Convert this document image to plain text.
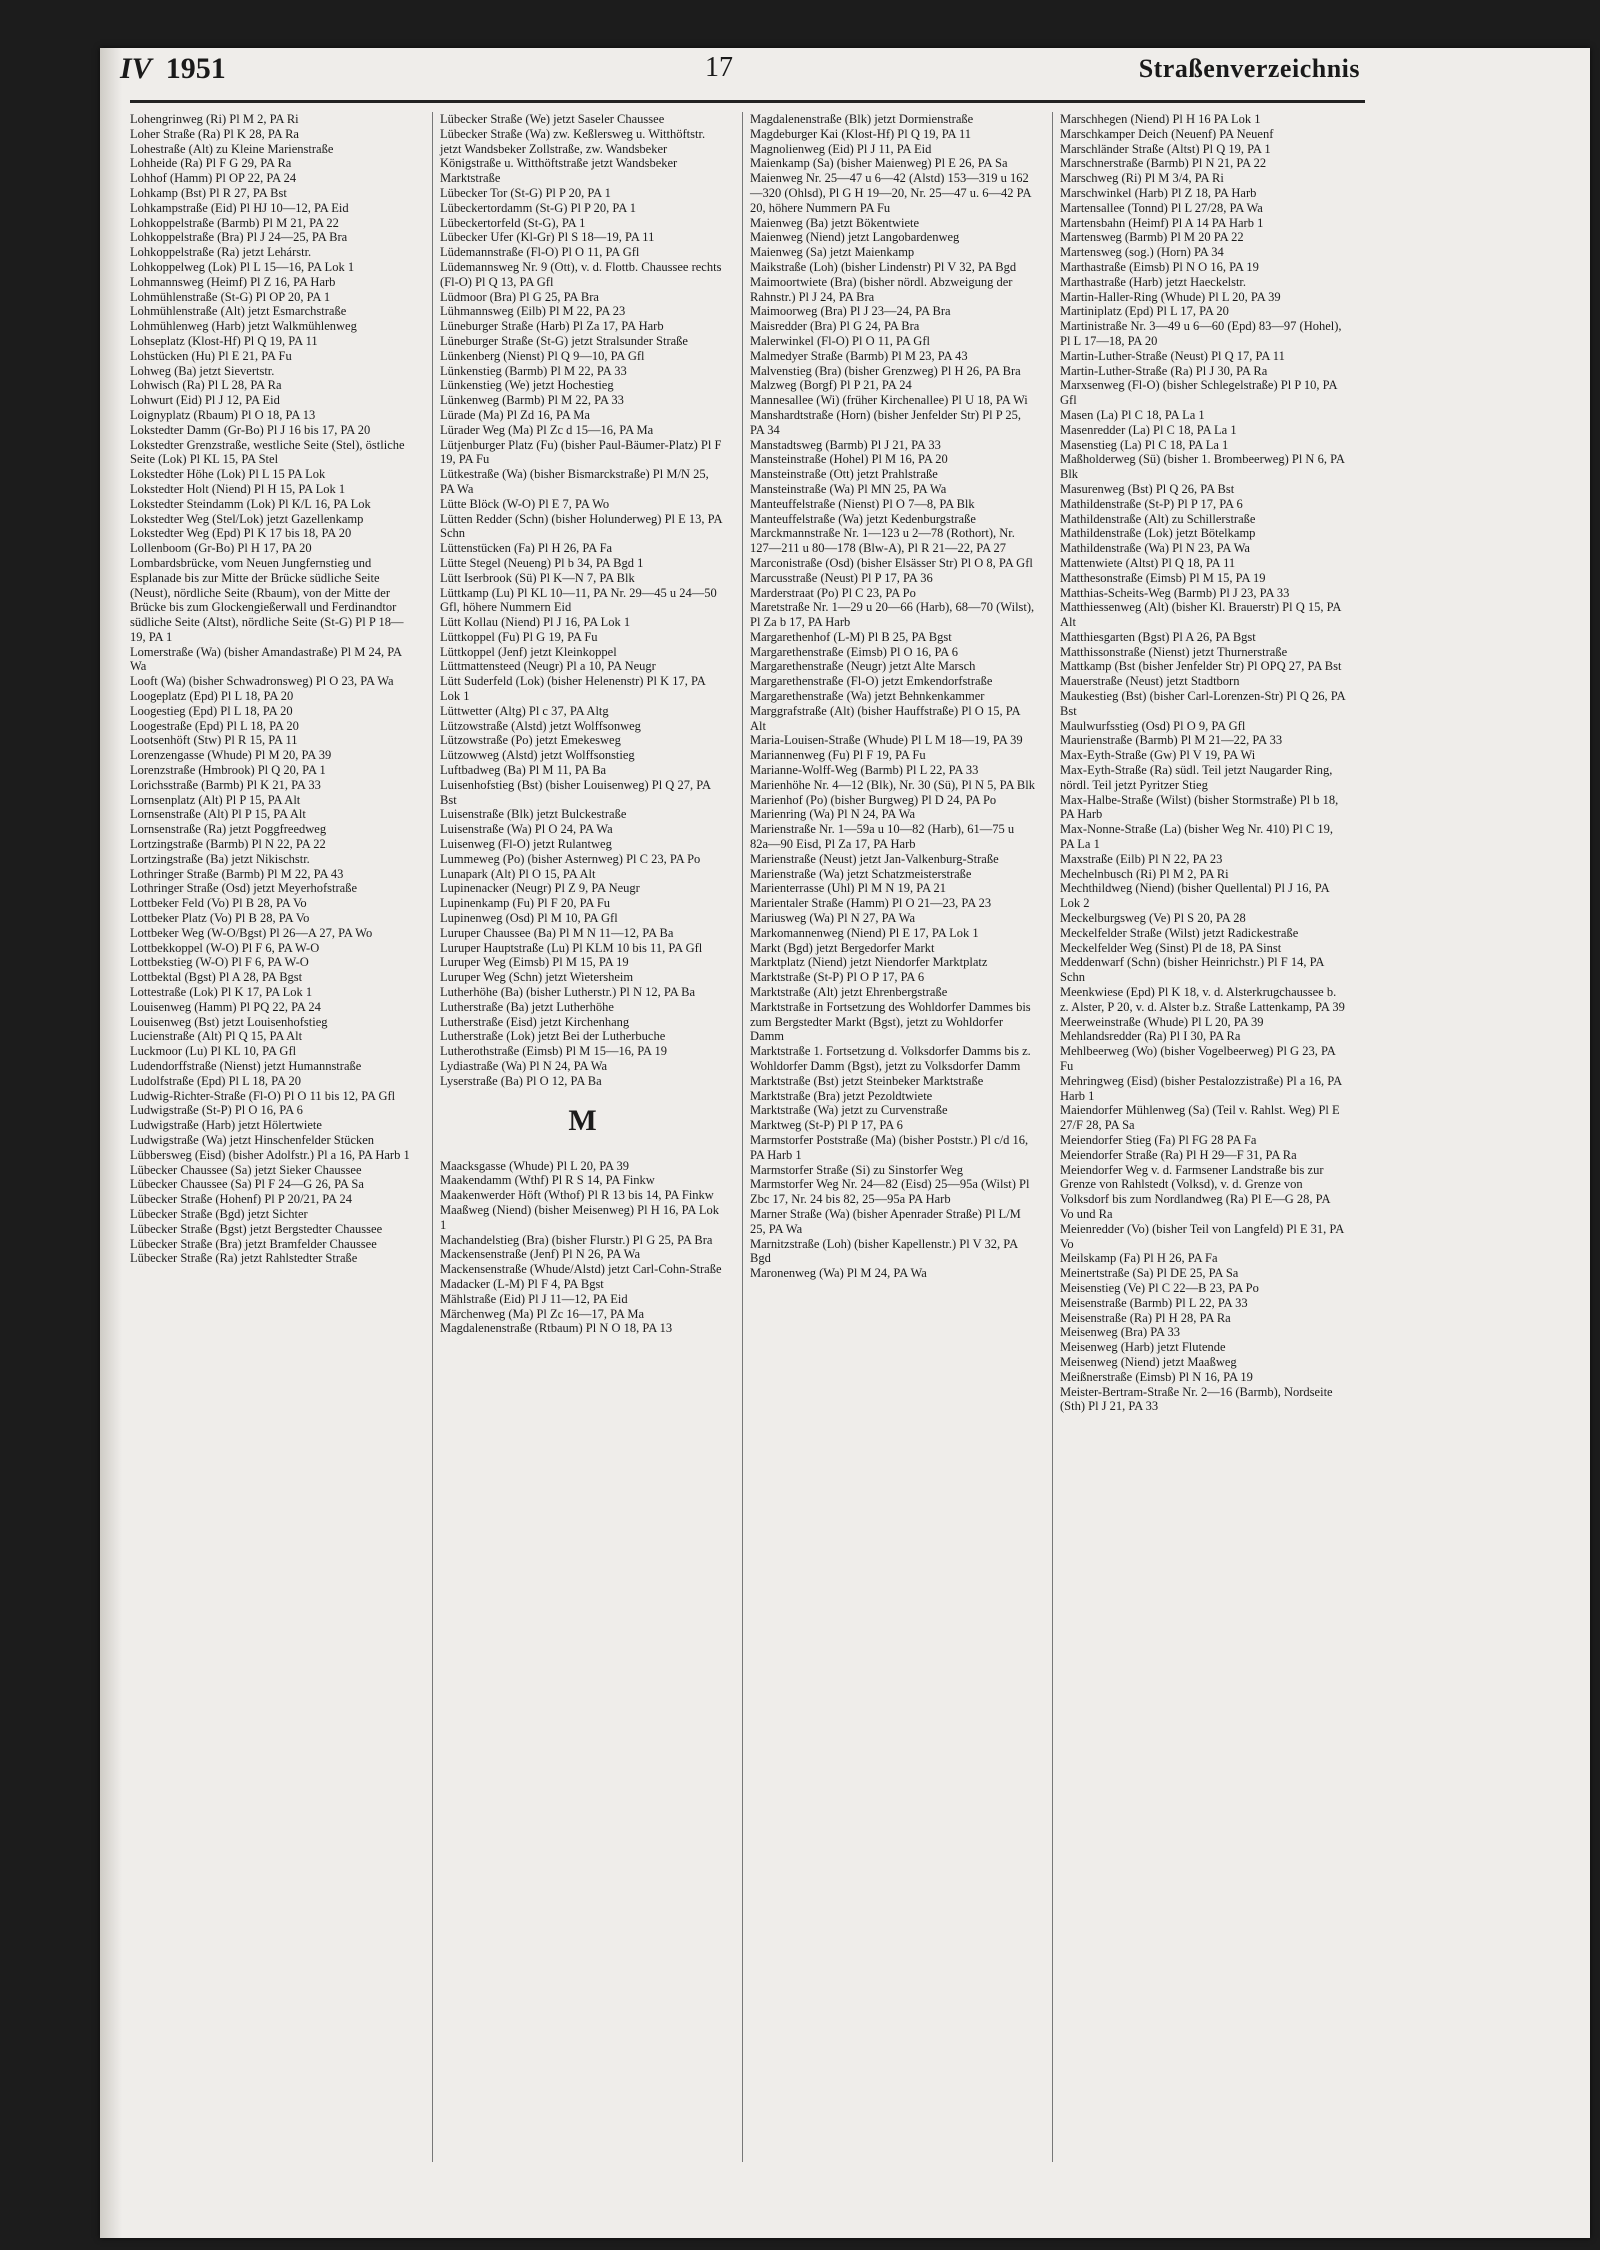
IV 1951	17	Straßenverzeichnis
Lohengrinweg (Ri) Pl M 2, PA Ri
Loher Straße (Ra) Pl K 28, PA Ra
Lohestraße (Alt) zu Kleine Marienstraße
Lohheide (Ra) Pl F G 29, PA Ra
Lohhof (Hamm) Pl OP 22, PA 24
Lohkamp (Bst) Pl R 27, PA Bst
Lohkampstraße (Eid) Pl HJ 10—12, PA Eid
Lohkoppelstraße (Barmb) Pl M 21, PA 22
Lohkoppelstraße (Bra) Pl J 24—25, PA Bra
Lohkoppelstraße (Ra) jetzt Lehárstr.
Lohkoppelweg (Lok) Pl L 15—16, PA Lok 1
Lohmannsweg (Heimf) Pl Z 16, PA Harb
Lohmühlenstraße (St-G) Pl OP 20, PA 1
Lohmühlenstraße (Alt) jetzt Esmarchstraße
Lohmühlenweg (Harb) jetzt Walkmühlenweg
Lohseplatz (Klost-Hf) Pl Q 19, PA 11
Lohstücken (Hu) Pl E 21, PA Fu
Lohweg (Ba) jetzt Sievertstr.
Lohwisch (Ra) Pl L 28, PA Ra
Lohwurt (Eid) Pl J 12, PA Eid
Loignyplatz (Rbaum) Pl O 18, PA 13
Lokstedter Damm (Gr-Bo) Pl J 16 bis 17, PA 20
Lokstedter Grenzstraße, westliche Seite (Stel), östliche Seite (Lok) Pl KL 15, PA Stel
Lokstedter Höhe (Lok) Pl L 15 PA Lok
Lokstedter Holt (Niend) Pl H 15, PA Lok 1
Lokstedter Steindamm (Lok) Pl K/L 16, PA Lok
Lokstedter Weg (Stel/Lok) jetzt Gazellenkamp
Lokstedter Weg (Epd) Pl K 17 bis 18, PA 20
Lollenboom (Gr-Bo) Pl H 17, PA 20
Lombardsbrücke, vom Neuen Jungfernstieg und Esplanade bis zur Mitte der Brücke südliche Seite (Neust), nördliche Seite (Rbaum), von der Mitte der Brücke bis zum Glockengießerwall und Ferdinandtor südliche Seite (Altst), nördliche Seite (St-G) Pl P 18—19, PA 1
Lomerstraße (Wa) (bisher Amandastraße) Pl M 24, PA Wa
Looft (Wa) (bisher Schwadronsweg) Pl O 23, PA Wa
Loogeplatz (Epd) Pl L 18, PA 20
Loogestieg (Epd) Pl L 18, PA 20
Loogestraße (Epd) Pl L 18, PA 20
Lootsenhöft (Stw) Pl R 15, PA 11
Lorenzengasse (Whude) Pl M 20, PA 39
Lorenzstraße (Hmbrook) Pl Q 20, PA 1
Lorichsstraße (Barmb) Pl K 21, PA 33
Lornsenplatz (Alt) Pl P 15, PA Alt
Lornsenstraße (Alt) Pl P 15, PA Alt
Lornsenstraße (Ra) jetzt Poggfreedweg
Lortzingstraße (Barmb) Pl N 22, PA 22
Lortzingstraße (Ba) jetzt Nikischstr.
Lothringer Straße (Barmb) Pl M 22, PA 43
Lothringer Straße (Osd) jetzt Meyerhofstraße
Lottbeker Feld (Vo) Pl B 28, PA Vo
Lottbeker Platz (Vo) Pl B 28, PA Vo
Lottbeker Weg (W-O/Bgst) Pl 26—A 27, PA Wo
Lottbekkoppel (W-O) Pl F 6, PA W-O
Lottbekstieg (W-O) Pl F 6, PA W-O
Lottbektal (Bgst) Pl A 28, PA Bgst
Lottestraße (Lok) Pl K 17, PA Lok 1
Louisenweg (Hamm) Pl PQ 22, PA 24
Louisenweg (Bst) jetzt Louisenhofstieg
Lucienstraße (Alt) Pl Q 15, PA Alt
Luckmoor (Lu) Pl KL 10, PA Gfl
Ludendorffstraße (Nienst) jetzt Humannstraße
Ludolfstraße (Epd) Pl L 18, PA 20
Ludwig-Richter-Straße (Fl-O) Pl O 11 bis 12, PA Gfl
Ludwigstraße (St-P) Pl O 16, PA 6
Ludwigstraße (Harb) jetzt Hölertwiete
Ludwigstraße (Wa) jetzt Hinschenfelder Stücken
Lübbersweg (Eisd) (bisher Adolfstr.) Pl a 16, PA Harb 1
Lübecker Chaussee (Sa) jetzt Sieker Chaussee
Lübecker Chaussee (Sa) Pl F 24—G 26, PA Sa
Lübecker Straße (Hohenf) Pl P 20/21, PA 24
Lübecker Straße (Bgd) jetzt Sichter
Lübecker Straße (Bgst) jetzt Bergstedter Chaussee
Lübecker Straße (Bra) jetzt Bramfelder Chaussee
Lübecker Straße (Ra) jetzt Rahlstedter Straße
Lübecker Straße (We) jetzt Saseler Chaussee
Lübecker Straße (Wa) zw. Keßlersweg u. Witthöftstr. jetzt Wandsbeker Zollstraße, zw. Wandsbeker Königstraße u. Witthöftstraße jetzt Wandsbeker Marktstraße
Lübecker Tor (St-G) Pl P 20, PA 1
Lübeckertordamm (St-G) Pl P 20, PA 1
Lübeckertorfeld (St-G), PA 1
Lübecker Ufer (Kl-Gr) Pl S 18—19, PA 11
Lüdemannstraße (Fl-O) Pl O 11, PA Gfl
Lüdemannsweg Nr. 9 (Ott), v. d. Flottb. Chaussee rechts (Fl-O) Pl Q 13, PA Gfl
Lüdmoor (Bra) Pl G 25, PA Bra
Lühmannsweg (Eilb) Pl M 22, PA 23
Lüneburger Straße (Harb) Pl Za 17, PA Harb
Lüneburger Straße (St-G) jetzt Stralsunder Straße
Lünkenberg (Nienst) Pl Q 9—10, PA Gfl
Lünkenstieg (Barmb) Pl M 22, PA 33
Lünkenstieg (We) jetzt Hochestieg
Lünkenweg (Barmb) Pl M 22, PA 33
Lürade (Ma) Pl Zd 16, PA Ma
Lürader Weg (Ma) Pl Zc d 15—16, PA Ma
Lütjenburger Platz (Fu) (bisher Paul-Bäumer-Platz) Pl F 19, PA Fu
Lütkestraße (Wa) (bisher Bismarckstraße) Pl M/N 25, PA Wa
Lütte Blöck (W-O) Pl E 7, PA Wo
Lütten Redder (Schn) (bisher Holunderweg) Pl E 13, PA Schn
Lüttenstücken (Fa) Pl H 26, PA Fa
Lütte Stegel (Neueng) Pl b 34, PA Bgd 1
Lütt Iserbrook (Sü) Pl K—N 7, PA Blk
Lüttkamp (Lu) Pl KL 10—11, PA Nr. 29—45 u 24—50 Gfl, höhere Nummern Eid
Lütt Kollau (Niend) Pl J 16, PA Lok 1
Lüttkoppel (Fu) Pl G 19, PA Fu
Lüttkoppel (Jenf) jetzt Kleinkoppel
Lüttmattensteed (Neugr) Pl a 10, PA Neugr
Lütt Suderfeld (Lok) (bisher Helenenstr) Pl K 17, PA Lok 1
Lüttwetter (Altg) Pl c 37, PA Altg
Lützowstraße (Alstd) jetzt Wolffsonweg
Lützowstraße (Po) jetzt Emekesweg
Lützowweg (Alstd) jetzt Wolffsonstieg
Luftbadweg (Ba) Pl M 11, PA Ba
Luisenhofstieg (Bst) (bisher Louisenweg) Pl Q 27, PA Bst
Luisenstraße (Blk) jetzt Bulckestraße
Luisenstraße (Wa) Pl O 24, PA Wa
Luisenweg (Fl-O) jetzt Rulantweg
Lummeweg (Po) (bisher Asternweg) Pl C 23, PA Po
Lunapark (Alt) Pl O 15, PA Alt
Lupinenacker (Neugr) Pl Z 9, PA Neugr
Lupinenkamp (Fu) Pl F 20, PA Fu
Lupinenweg (Osd) Pl M 10, PA Gfl
Luruper Chaussee (Ba) Pl M N 11—12, PA Ba
Luruper Hauptstraße (Lu) Pl KLM 10 bis 11, PA Gfl
Luruper Weg (Eimsb) Pl M 15, PA 19
Luruper Weg (Schn) jetzt Wietersheim
Lutherhöhe (Ba) (bisher Lutherstr.) Pl N 12, PA Ba
Lutherstraße (Ba) jetzt Lutherhöhe
Lutherstraße (Eisd) jetzt Kirchenhang
Lutherstraße (Lok) jetzt Bei der Lutherbuche
Lutherothstraße (Eimsb) Pl M 15—16, PA 19
Lydiastraße (Wa) Pl N 24, PA Wa
Lyserstraße (Ba) Pl O 12, PA Ba
M
Maacksgasse (Whude) Pl L 20, PA 39
Maakendamm (Wthf) Pl R S 14, PA Finkw
Maakenwerder Höft (Wthof) Pl R 13 bis 14, PA Finkw
Maaßweg (Niend) (bisher Meisenweg) Pl H 16, PA Lok 1
Machandelstieg (Bra) (bisher Flurstr.) Pl G 25, PA Bra
Mackensenstraße (Jenf) Pl N 26, PA Wa
Mackensenstraße (Whude/Alstd) jetzt Carl-Cohn-Straße
Madacker (L-M) Pl F 4, PA Bgst
Mählstraße (Eid) Pl J 11—12, PA Eid
Märchenweg (Ma) Pl Zc 16—17, PA Ma
Magdalenenstraße (Rtbaum) Pl N O 18, PA 13
Magdalenenstraße (Blk) jetzt Dormienstraße
Magdeburger Kai (Klost-Hf) Pl Q 19, PA 11
Magnolienweg (Eid) Pl J 11, PA Eid
Maienkamp (Sa) (bisher Maienweg) Pl E 26, PA Sa
Maienweg Nr. 25—47 u 6—42 (Alstd) 153—319 u 162—320 (Ohlsd), Pl G H 19—20, Nr. 25—47 u. 6—42 PA 20, höhere Nummern PA Fu
Maienweg (Ba) jetzt Bökentwiete
Maienweg (Niend) jetzt Langobardenweg
Maienweg (Sa) jetzt Maienkamp
Maikstraße (Loh) (bisher Lindenstr) Pl V 32, PA Bgd
Maimoortwiete (Bra) (bisher nördl. Abzweigung der Rahnstr.) Pl J 24, PA Bra
Maimoorweg (Bra) Pl J 23—24, PA Bra
Maisredder (Bra) Pl G 24, PA Bra
Malerwinkel (Fl-O) Pl O 11, PA Gfl
Malmedyer Straße (Barmb) Pl M 23, PA 43
Malvenstieg (Bra) (bisher Grenzweg) Pl H 26, PA Bra
Malzweg (Borgf) Pl P 21, PA 24
Mannesallee (Wi) (früher Kirchenallee) Pl U 18, PA Wi
Manshardtstraße (Horn) (bisher Jenfelder Str) Pl P 25, PA 34
Manstadtsweg (Barmb) Pl J 21, PA 33
Mansteinstraße (Hohel) Pl M 16, PA 20
Mansteinstraße (Ott) jetzt Prahlstraße
Mansteinstraße (Wa) Pl MN 25, PA Wa
Manteuffelstraße (Nienst) Pl O 7—8, PA Blk
Manteuffelstraße (Wa) jetzt Kedenburgstraße
Marckmannstraße Nr. 1—123 u 2—78 (Rothort), Nr. 127—211 u 80—178 (Blw-A), Pl R 21—22, PA 27
Marconistraße (Osd) (bisher Elsässer Str) Pl O 8, PA Gfl
Marcusstraße (Neust) Pl P 17, PA 36
Marderstraat (Po) Pl C 23, PA Po
Maretstraße Nr. 1—29 u 20—66 (Harb), 68—70 (Wilst), Pl Za b 17, PA Harb
Margarethenhof (L-M) Pl B 25, PA Bgst
Margarethenstraße (Eimsb) Pl O 16, PA 6
Margarethenstraße (Neugr) jetzt Alte Marsch
Margarethenstraße (Fl-O) jetzt Emkendorfstraße
Margarethenstraße (Wa) jetzt Behnkenkammer
Marggrafstraße (Alt) (bisher Hauffstraße) Pl O 15, PA Alt
Maria-Louisen-Straße (Whude) Pl L M 18—19, PA 39
Mariannenweg (Fu) Pl F 19, PA Fu
Marianne-Wolff-Weg (Barmb) Pl L 22, PA 33
Marienhöhe Nr. 4—12 (Blk), Nr. 30 (Sü), Pl N 5, PA Blk
Marienhof (Po) (bisher Burgweg) Pl D 24, PA Po
Marienring (Wa) Pl N 24, PA Wa
Marienstraße Nr. 1—59a u 10—82 (Harb), 61—75 u 82a—90 Eisd, Pl Za 17, PA Harb
Marienstraße (Neust) jetzt Jan-Valkenburg-Straße
Marienstraße (Wa) jetzt Schatzmeisterstraße
Marienterrasse (Uhl) Pl M N 19, PA 21
Marientaler Straße (Hamm) Pl O 21—23, PA 23
Mariusweg (Wa) Pl N 27, PA Wa
Markomannenweg (Niend) Pl E 17, PA Lok 1
Markt (Bgd) jetzt Bergedorfer Markt
Marktplatz (Niend) jetzt Niendorfer Marktplatz
Marktstraße (St-P) Pl O P 17, PA 6
Marktstraße (Alt) jetzt Ehrenbergstraße
Marktstraße in Fortsetzung des Wohldorfer Dammes bis zum Bergstedter Markt (Bgst), jetzt zu Wohldorfer Damm
Marktstraße 1. Fortsetzung d. Volksdorfer Damms bis z. Wohldorfer Damm (Bgst), jetzt zu Volksdorfer Damm
Marktstraße (Bst) jetzt Steinbeker Marktstraße
Marktstraße (Bra) jetzt Pezoldtwiete
Marktstraße (Wa) jetzt zu Curvenstraße
Marktweg (St-P) Pl P 17, PA 6
Marmstorfer Poststraße (Ma) (bisher Poststr.) Pl c/d 16, PA Harb 1
Marmstorfer Straße (Si) zu Sinstorfer Weg
Marmstorfer Weg Nr. 24—82 (Eisd) 25—95a (Wilst) Pl Zbc 17, Nr. 24 bis 82, 25—95a PA Harb
Marner Straße (Wa) (bisher Apenrader Straße) Pl L/M 25, PA Wa
Marnitzstraße (Loh) (bisher Kapellenstr.) Pl V 32, PA Bgd
Maronenweg (Wa) Pl M 24, PA Wa
Marschhegen (Niend) Pl H 16 PA Lok 1
Marschkamper Deich (Neuenf) PA Neuenf
Marschländer Straße (Altst) Pl Q 19, PA 1
Marschnerstraße (Barmb) Pl N 21, PA 22
Marschweg (Ri) Pl M 3/4, PA Ri
Marschwinkel (Harb) Pl Z 18, PA Harb
Martensallee (Tonnd) Pl L 27/28, PA Wa
Martensbahn (Heimf) Pl A 14 PA Harb 1
Martensweg (Barmb) Pl M 20 PA 22
Martensweg (sog.) (Horn) PA 34
Marthastraße (Eimsb) Pl N O 16, PA 19
Marthastraße (Harb) jetzt Haeckelstr.
Martin-Haller-Ring (Whude) Pl L 20, PA 39
Martiniplatz (Epd) Pl L 17, PA 20
Martinistraße Nr. 3—49 u 6—60 (Epd) 83—97 (Hohel), Pl L 17—18, PA 20
Martin-Luther-Straße (Neust) Pl Q 17, PA 11
Martin-Luther-Straße (Ra) Pl J 30, PA Ra
Marxsenweg (Fl-O) (bisher Schlegelstraße) Pl P 10, PA Gfl
Masen (La) Pl C 18, PA La 1
Masenredder (La) Pl C 18, PA La 1
Masenstieg (La) Pl C 18, PA La 1
Maßholderweg (Sü) (bisher 1. Brombeerweg) Pl N 6, PA Blk
Masurenweg (Bst) Pl Q 26, PA Bst
Mathildenstraße (St-P) Pl P 17, PA 6
Mathildenstraße (Alt) zu Schillerstraße
Mathildenstraße (Lok) jetzt Bötelkamp
Mathildenstraße (Wa) Pl N 23, PA Wa
Mattenwiete (Altst) Pl Q 18, PA 11
Matthesonstraße (Eimsb) Pl M 15, PA 19
Matthias-Scheits-Weg (Barmb) Pl J 23, PA 33
Matthiessenweg (Alt) (bisher Kl. Brauerstr) Pl Q 15, PA Alt
Matthiesgarten (Bgst) Pl A 26, PA Bgst
Matthissonstraße (Nienst) jetzt Thurnerstraße
Mattkamp (Bst (bisher Jenfelder Str) Pl OPQ 27, PA Bst
Mauerstraße (Neust) jetzt Stadtborn
Maukestieg (Bst) (bisher Carl-Lorenzen-Str) Pl Q 26, PA Bst
Maulwurfsstieg (Osd) Pl O 9, PA Gfl
Maurienstraße (Barmb) Pl M 21—22, PA 33
Max-Eyth-Straße (Gw) Pl V 19, PA Wi
Max-Eyth-Straße (Ra) südl. Teil jetzt Naugarder Ring, nördl. Teil jetzt Pyritzer Stieg
Max-Halbe-Straße (Wilst) (bisher Stormstraße) Pl b 18, PA Harb
Max-Nonne-Straße (La) (bisher Weg Nr. 410) Pl C 19, PA La 1
Maxstraße (Eilb) Pl N 22, PA 23
Mechelnbusch (Ri) Pl M 2, PA Ri
Mechthildweg (Niend) (bisher Quellental) Pl J 16, PA Lok 2
Meckelburgsweg (Ve) Pl S 20, PA 28
Meckelfelder Straße (Wilst) jetzt Radickestraße
Meckelfelder Weg (Sinst) Pl de 18, PA Sinst
Meddenwarf (Schn) (bisher Heinrichstr.) Pl F 14, PA Schn
Meenkwiese (Epd) Pl K 18, v. d. Alsterkrugchaussee b. z. Alster, P 20, v. d. Alster b.z. Straße Lattenkamp, PA 39
Meerweinstraße (Whude) Pl L 20, PA 39
Mehlandsredder (Ra) Pl I 30, PA Ra
Mehlbeerweg (Wo) (bisher Vogelbeerweg) Pl G 23, PA Fu
Mehringweg (Eisd) (bisher Pestalozzistraße) Pl a 16, PA Harb 1
Maiendorfer Mühlenweg (Sa) (Teil v. Rahlst. Weg) Pl E 27/F 28, PA Sa
Meiendorfer Stieg (Fa) Pl FG 28 PA Fa
Meiendorfer Straße (Ra) Pl H 29—F 31, PA Ra
Meiendorfer Weg v. d. Farmsener Landstraße bis zur Grenze von Rahlstedt (Volksd), v. d. Grenze von Volksdorf bis zum Nordlandweg (Ra) Pl E—G 28, PA Vo und Ra
Meienredder (Vo) (bisher Teil von Langfeld) Pl E 31, PA Vo
Meilskamp (Fa) Pl H 26, PA Fa
Meinertstraße (Sa) Pl DE 25, PA Sa
Meisenstieg (Ve) Pl C 22—B 23, PA Po
Meisenstraße (Barmb) Pl L 22, PA 33
Meisenstraße (Ra) Pl H 28, PA Ra
Meisenweg (Bra) PA 33
Meisenweg (Harb) jetzt Flutende
Meisenweg (Niend) jetzt Maaßweg
Meißnerstraße (Eimsb) Pl N 16, PA 19
Meister-Bertram-Straße Nr. 2—16 (Barmb), Nordseite (Sth) Pl J 21, PA 33
